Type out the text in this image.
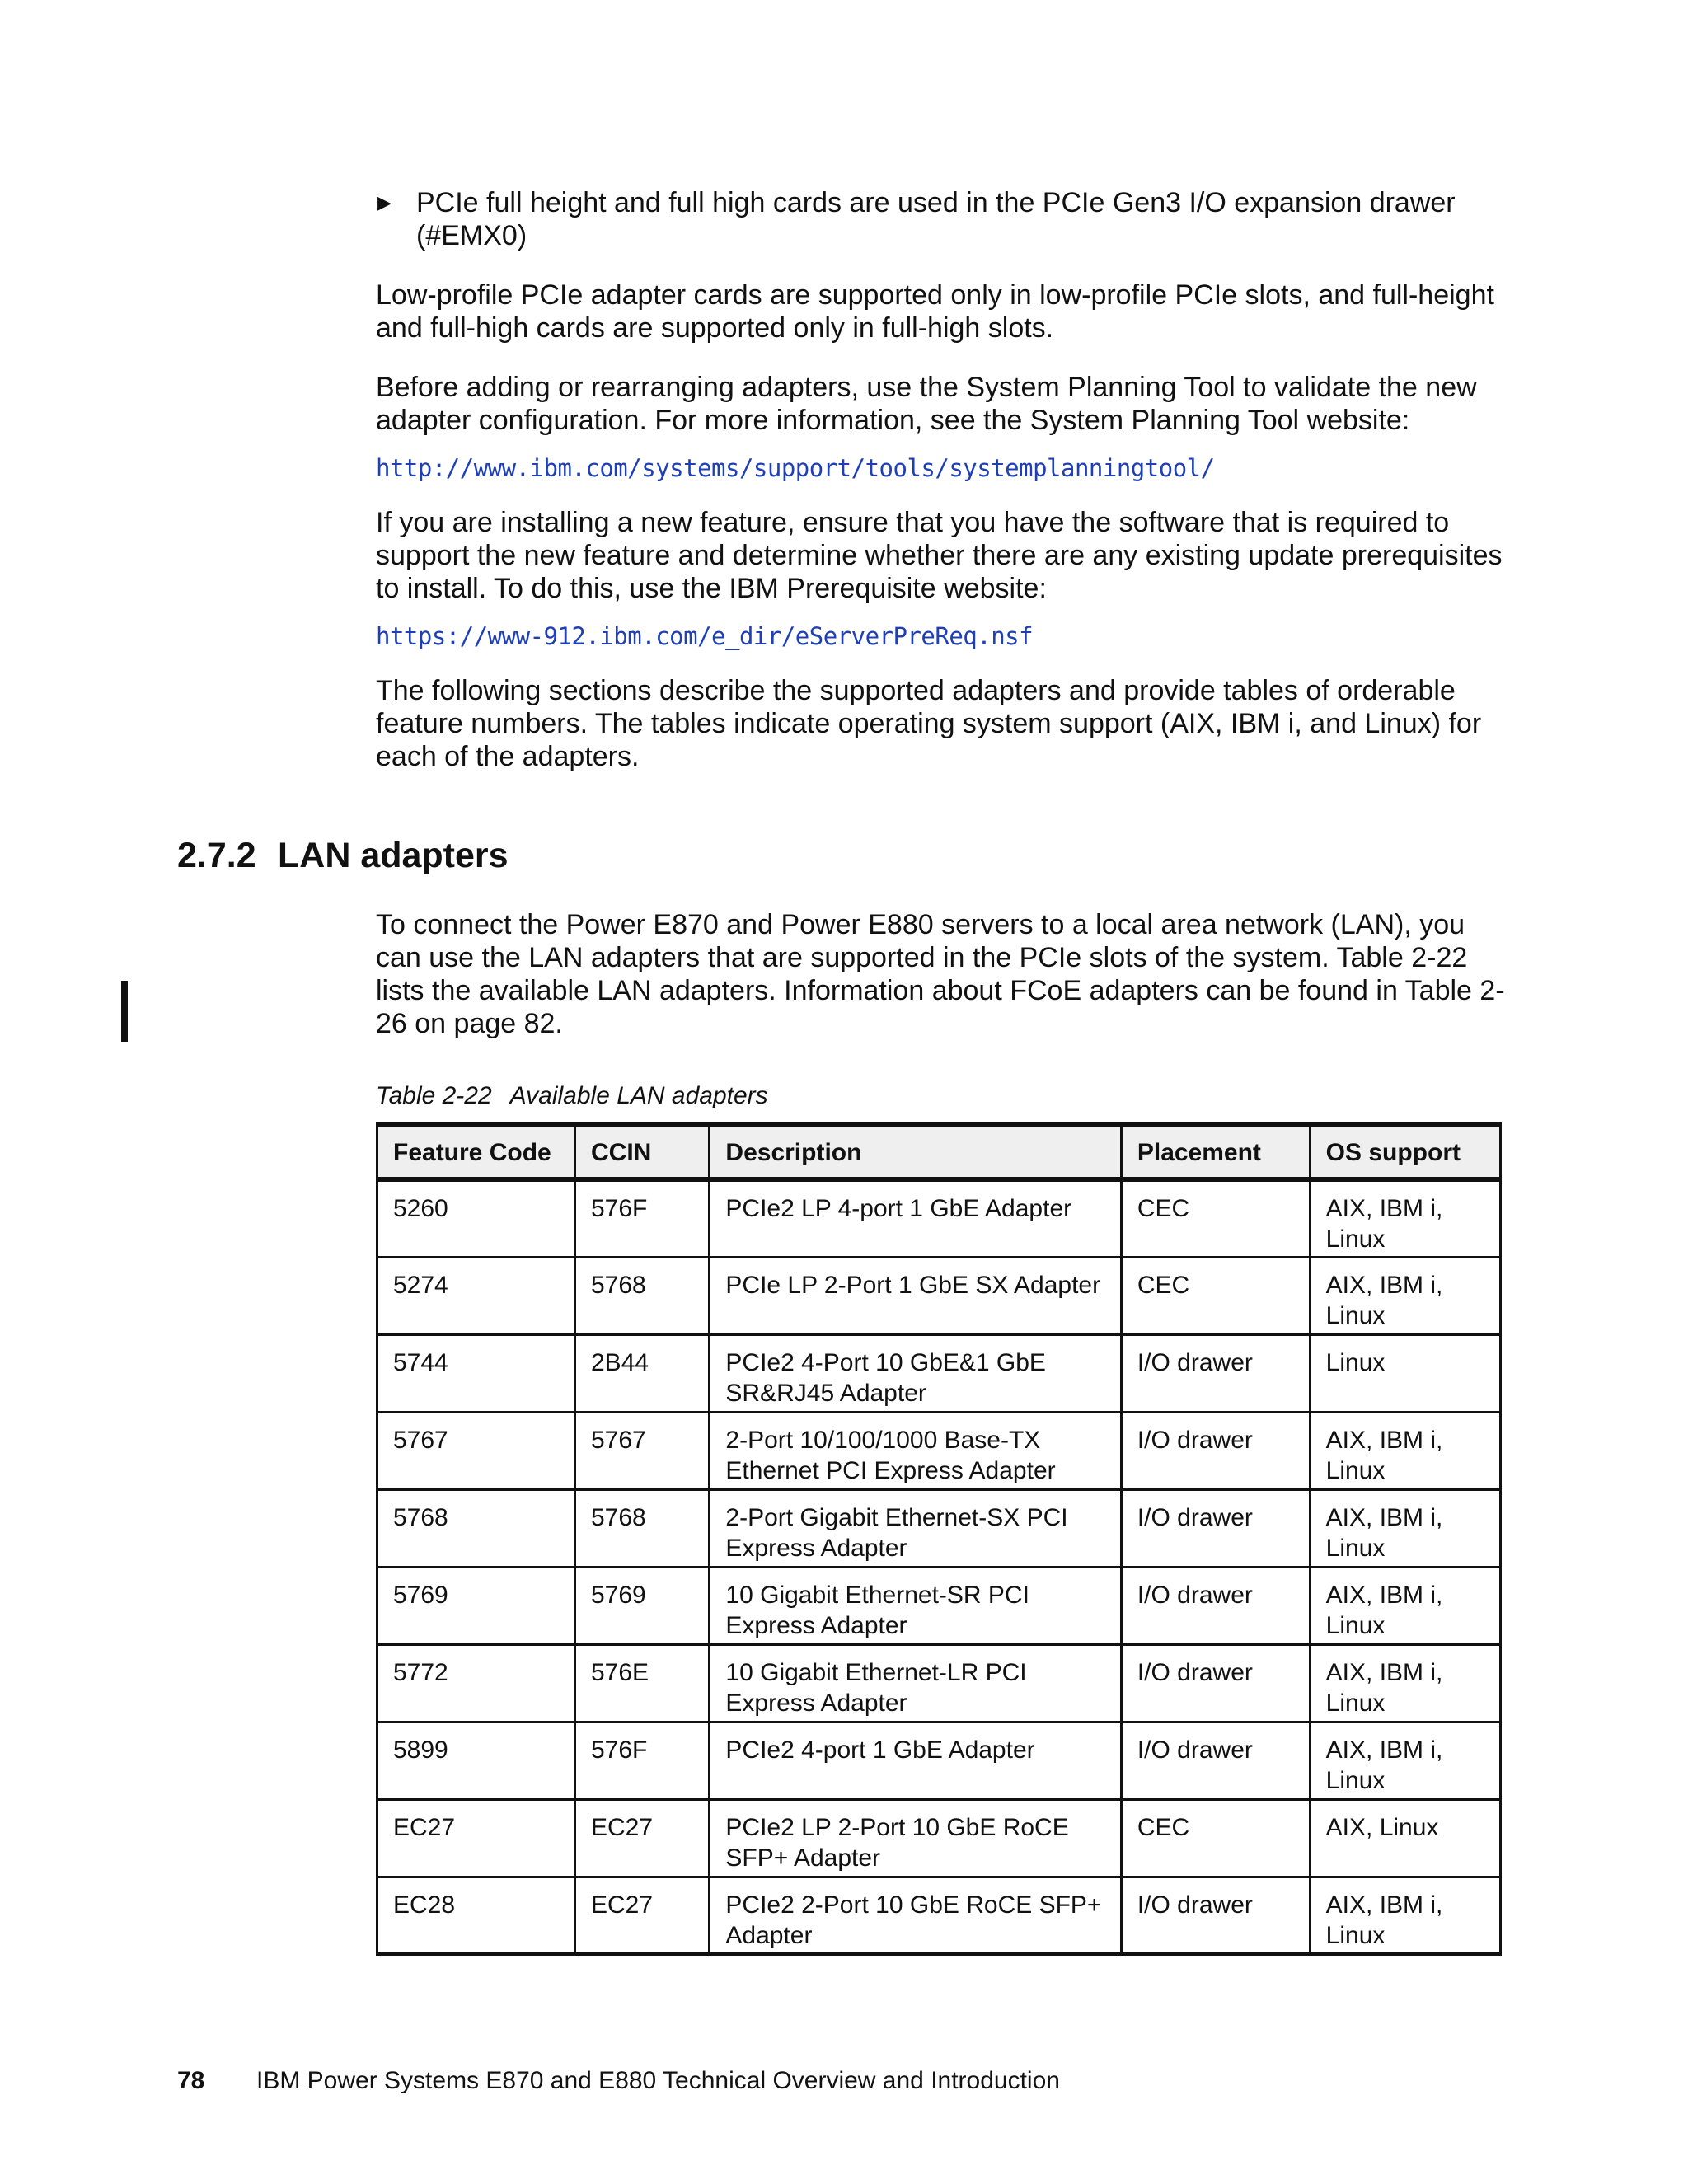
▶ PCIe full height and full high cards are used in the PCIe Gen3 I/O expansion drawer (#EMX0)

Low-profile PCIe adapter cards are supported only in low-profile PCIe slots, and full-height and full-high cards are supported only in full-high slots.

Before adding or rearranging adapters, use the System Planning Tool to validate the new adapter configuration. For more information, see the System Planning Tool website:

http://www.ibm.com/systems/support/tools/systemplanningtool/

If you are installing a new feature, ensure that you have the software that is required to support the new feature and determine whether there are any existing update prerequisites to install. To do this, use the IBM Prerequisite website:

https://www-912.ibm.com/e_dir/eServerPreReq.nsf

The following sections describe the supported adapters and provide tables of orderable feature numbers. The tables indicate operating system support (AIX, IBM i, and Linux) for each of the adapters.

2.7.2 LAN adapters

To connect the Power E870 and Power E880 servers to a local area network (LAN), you can use the LAN adapters that are supported in the PCIe slots of the system. Table 2-22 lists the available LAN adapters. Information about FCoE adapters can be found in Table 2-26 on page 82.

Table 2-22 Available LAN adapters

Feature Code	CCIN	Description	Placement	OS support
5260	576F	PCIe2 LP 4-port 1 GbE Adapter	CEC	AIX, IBM i, Linux
5274	5768	PCIe LP 2-Port 1 GbE SX Adapter	CEC	AIX, IBM i, Linux
5744	2B44	PCIe2 4-Port 10 GbE&1 GbE SR&RJ45 Adapter	I/O drawer	Linux
5767	5767	2-Port 10/100/1000 Base-TX Ethernet PCI Express Adapter	I/O drawer	AIX, IBM i, Linux
5768	5768	2-Port Gigabit Ethernet-SX PCI Express Adapter	I/O drawer	AIX, IBM i, Linux
5769	5769	10 Gigabit Ethernet-SR PCI Express Adapter	I/O drawer	AIX, IBM i, Linux
5772	576E	10 Gigabit Ethernet-LR PCI Express Adapter	I/O drawer	AIX, IBM i, Linux
5899	576F	PCIe2 4-port 1 GbE Adapter	I/O drawer	AIX, IBM i, Linux
EC27	EC27	PCIe2 LP 2-Port 10 GbE RoCE SFP+ Adapter	CEC	AIX, Linux
EC28	EC27	PCIe2 2-Port 10 GbE RoCE SFP+ Adapter	I/O drawer	AIX, IBM i, Linux
78 IBM Power Systems E870 and E880 Technical Overview and Introduction
